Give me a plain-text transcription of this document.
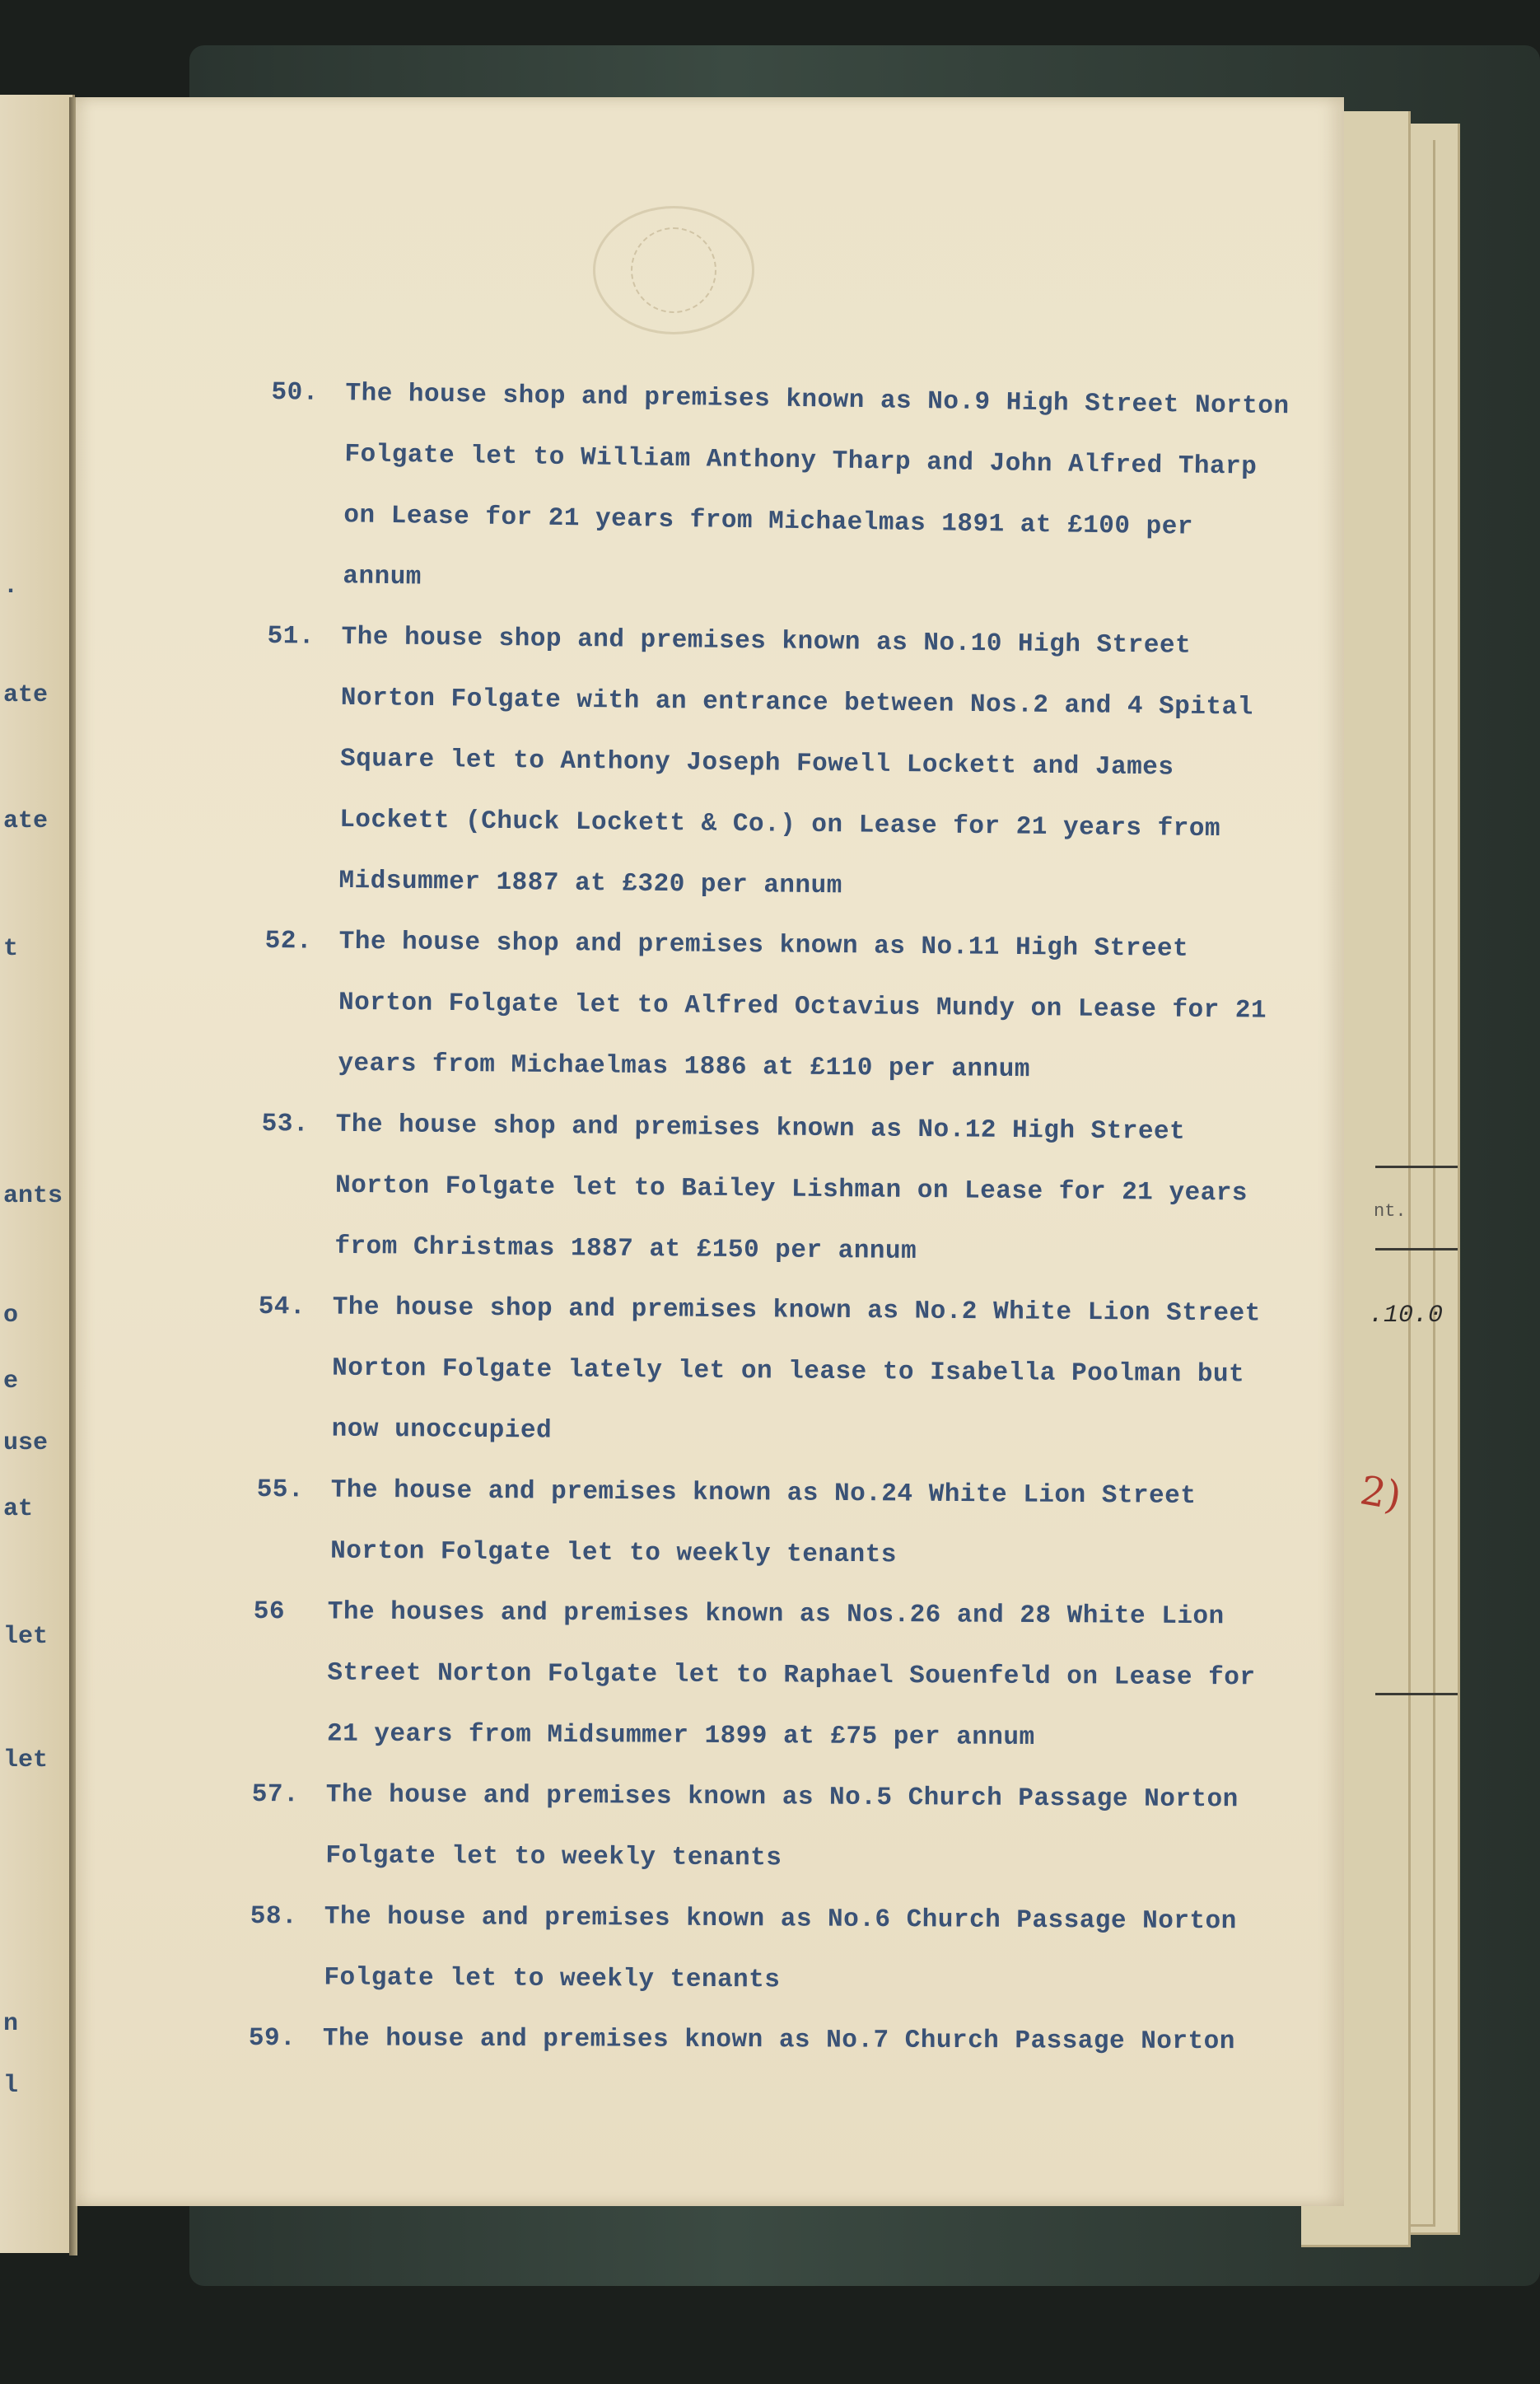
.
ate
ate
t
ants
o
e
use
at
let
let
n
l
nt.
.10.0
2)
50. The house shop and premises known as No.9 High Street Norton
Folgate let to William Anthony Tharp and John Alfred Tharp
on Lease for 21 years from Michaelmas 1891 at £100 per
annum
51. The house shop and premises known as No.10 High Street
Norton Folgate with an entrance between Nos.2 and 4 Spital
Square let to Anthony Joseph Fowell Lockett and James
Lockett (Chuck Lockett & Co.) on Lease for 21 years from
Midsummer 1887 at £320 per annum
52. The house shop and premises known as No.11 High Street
Norton Folgate let to Alfred Octavius Mundy on Lease for 21
years from Michaelmas 1886 at £110 per annum
53. The house shop and premises known as No.12 High Street
Norton Folgate let to Bailey Lishman on Lease for 21 years
from Christmas 1887 at £150 per annum
54. The house shop and premises known as No.2 White Lion Street
Norton Folgate lately let on lease to Isabella Poolman but
now unoccupied
55. The house and premises known as No.24 White Lion Street
Norton Folgate let to weekly tenants
56 The houses and premises known as Nos.26 and 28 White Lion
Street Norton Folgate let to Raphael Souenfeld on Lease for
21 years from Midsummer 1899 at £75 per annum
57. The house and premises known as No.5 Church Passage Norton
Folgate let to weekly tenants
58. The house and premises known as No.6 Church Passage Norton
Folgate let to weekly tenants
59. The house and premises known as No.7 Church Passage Norton
